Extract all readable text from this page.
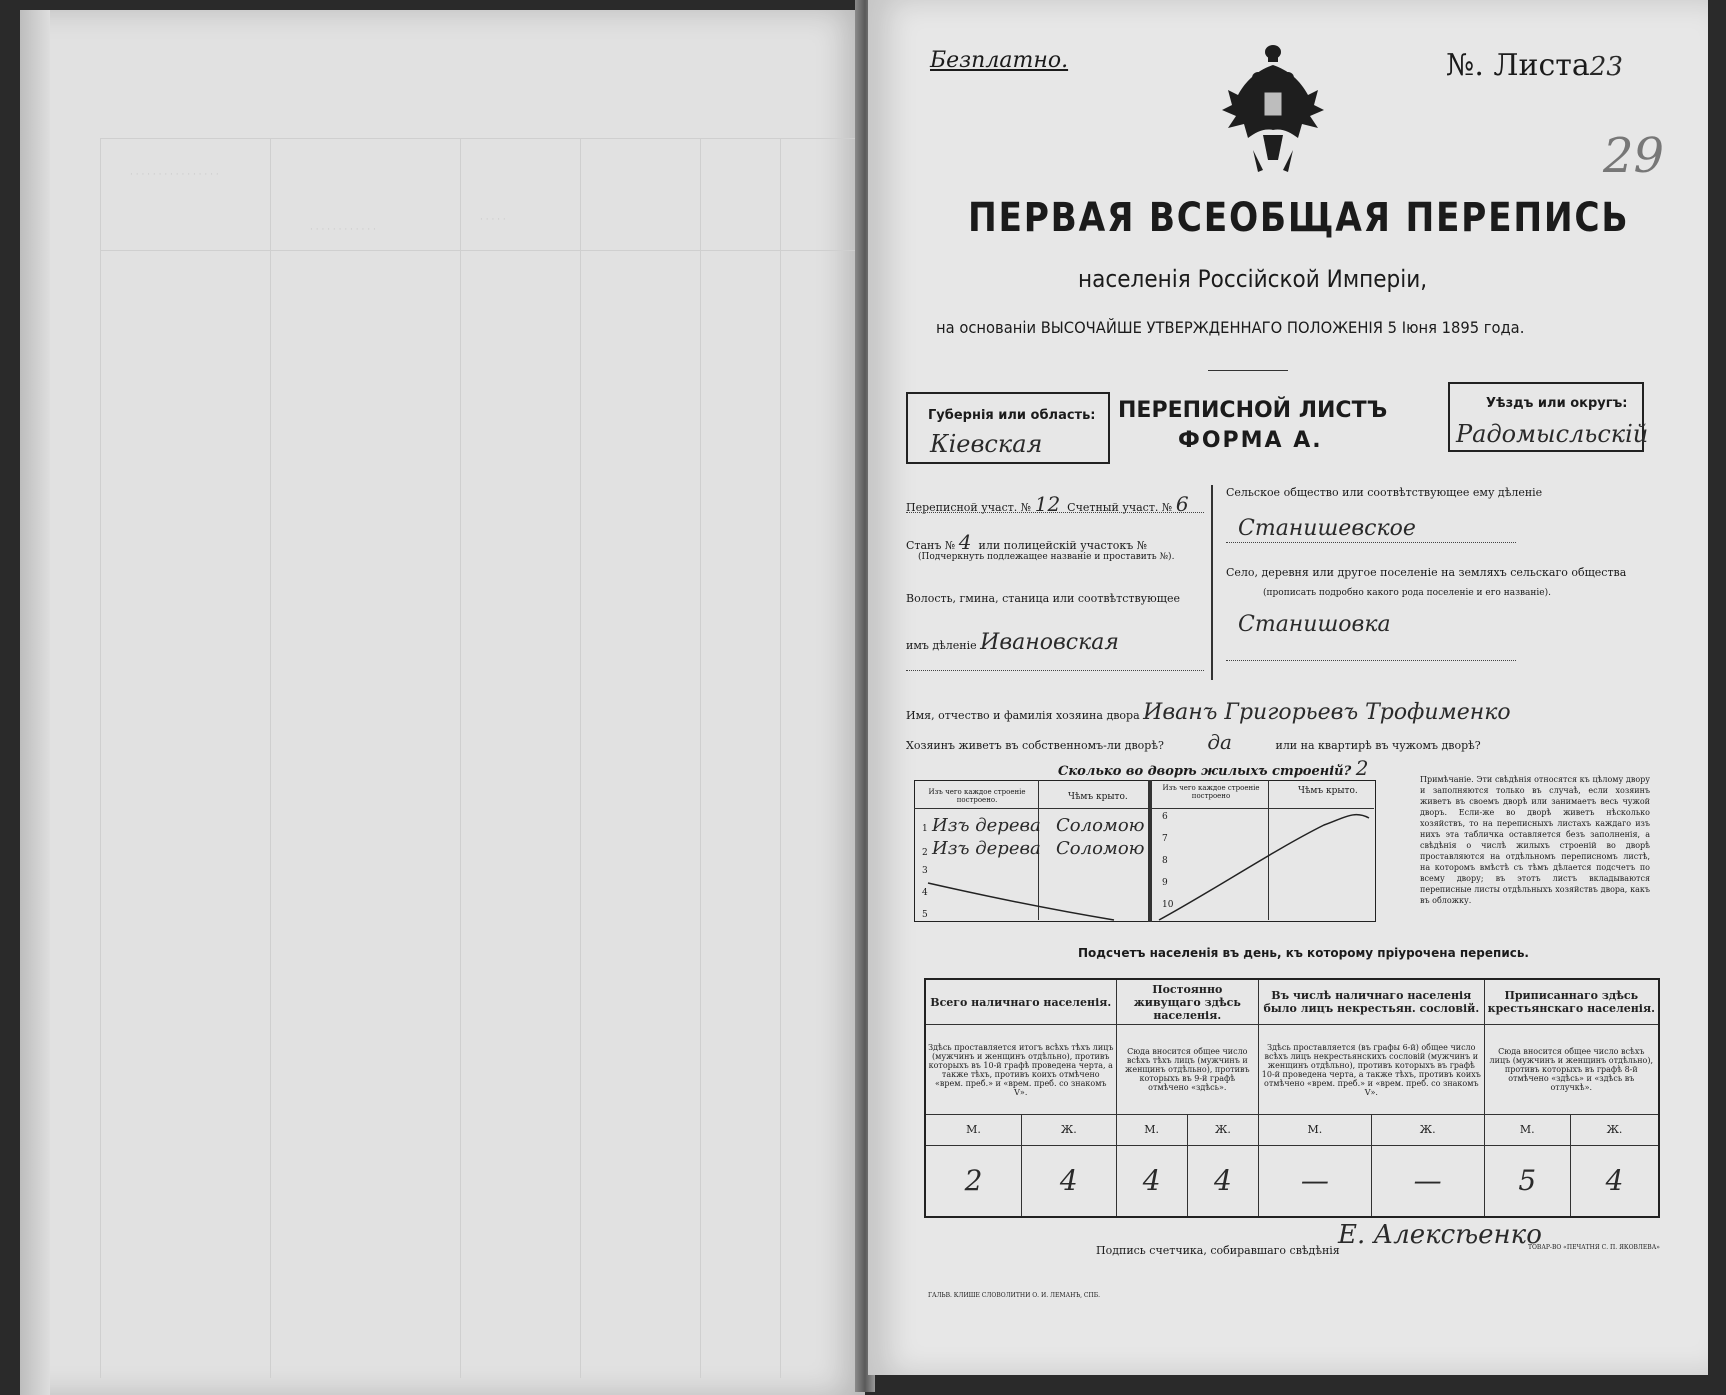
· · · · · · · · · · · · · · · ·
· · · · · · · · · · · ·
· · · · ·
Безплатно.	№. Листа23
29
ПЕРВАЯ ВСЕОБЩАЯ ПЕРЕПИСЬ
населенія Россійской Имперіи,
на основаніи ВЫСОЧАЙШЕ УТВЕРЖДЕННАГО ПОЛОЖЕНІЯ 5 Іюня 1895 года.
Губернія или область:
Кіевская
ПЕРЕПИСНОЙ ЛИСТЪ
ФОРМА А.
Уѣздъ или округъ:
Радомысльскій
Переписной участ. № 12 Счетный участ. № 6
Станъ № 4 или полицейскій участокъ №
(Подчеркнуть подлежащее названіе и проставить №).
Волость, гмина, станица или соотвѣтствующее
имъ дѣленіе Ивановская
Сельское общество или соотвѣтствующее ему дѣленіе
Станишевское
Село, деревня или другое поселеніе на земляхъ сельскаго общества
(прописать подробно какого рода поселеніе и его названіе).
Станишовка
Имя, отчество и фамилія хозяина двора Иванъ Григорьевъ Трофименко
Хозяинъ живетъ въ собственномъ-ли дворѣ? да	или на квартирѣ въ чужомъ дворѣ?
Сколько во дворѣ жилыхъ строеній? 2
Изъ чего каждое строеніе построено.	Чѣмъ крыто.
Изъ чего каждое строеніе построено	Чѣмъ крыто.
1 Изъ дерева Соломою
2 Изъ дерева Соломою
3
4
5
6
7
8
9
10
Примѣчаніе. Эти свѣдѣнія относятся къ цѣлому двору и заполняются только въ случаѣ, если хозяинъ живетъ въ своемъ дворѣ или занимаетъ весь чужой дворъ. Если-же во дворѣ живетъ нѣсколько хозяйствъ, то на переписныхъ листахъ каждаго изъ нихъ эта табличка оставляется безъ заполненія, а свѣдѣнія о числѣ жилыхъ строеній во дворѣ проставляются на отдѣльномъ переписномъ листѣ, на которомъ вмѣстѣ съ тѣмъ дѣлается подсчетъ по всему двору; въ этотъ листъ вкладываются переписные листы отдѣльныхъ хозяйствъ двора, какъ въ обложку.
Подсчетъ населенія въ день, къ которому пріурочена перепись.
Всего наличнаго населенія.		Постоянно живущаго здѣсь населенія.		Въ числѣ наличнаго населенія было лицъ некрестьян. сословій.		Приписаннаго здѣсь крестьянскаго населенія.	
Здѣсь проставляется итогъ всѣхъ тѣхъ лицъ (мужчинъ и женщинъ отдѣльно), противъ которыхъ въ 10-й графѣ проведена черта, а также тѣхъ, противъ коихъ отмѣчено «врем. преб.» и «врем. преб. со знакомъ V».		Сюда вносится общее число всѣхъ тѣхъ лицъ (мужчинъ и женщинъ отдѣльно), противъ которыхъ въ 9-й графѣ отмѣчено «здѣсь».		Здѣсь проставляется (въ графы 6-й) общее число всѣхъ лицъ некрестьянскихъ сословій (мужчинъ и женщинъ отдѣльно), противъ которыхъ въ графѣ 10-й проведена черта, а также тѣхъ, противъ коихъ отмѣчено «врем. преб.» и «врем. преб. со знакомъ V».		Сюда вносится общее число всѣхъ лицъ (мужчинъ и женщинъ отдѣльно), противъ которыхъ въ графѣ 8-й отмѣчено «здѣсь» и «здѣсь въ отлучкѣ».	
М.	Ж.	М.	Ж.	М.	Ж.	М.	Ж.
2	4	4	4	—	—	5	4
Подпись счетчика, собиравшаго свѣдѣнія
Е. Алексѣенко
ТОВАР-ВО «ПЕЧАТНЯ С. П. ЯКОВЛЕВА»
ГАЛЬВ. КЛИШЕ СЛОВОЛИТНИ О. И. ЛЕМАНЪ, СПБ.
